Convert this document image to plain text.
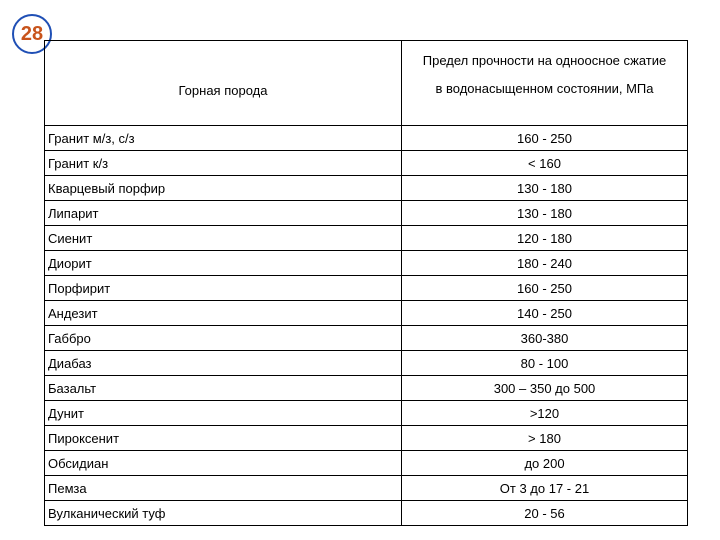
28
Горная порода	Предел прочности на одноосное сжатие
в водонасыщенном состоянии, МПа

Гранит м/з, с/з	160 - 250
Гранит к/з	< 160
Кварцевый порфир	130 - 180
Липарит	130 - 180
Сиенит	120 - 180
Диорит	180 - 240
Порфирит	160 - 250
Андезит	140 - 250
Габбро	360-380
Диабаз	80 - 100
Базальт	300 – 350 до 500
Дунит	>120
Пироксенит	> 180
Обсидиан	до 200
Пемза	От 3 до 17 - 21
Вулканический туф	20 - 56
